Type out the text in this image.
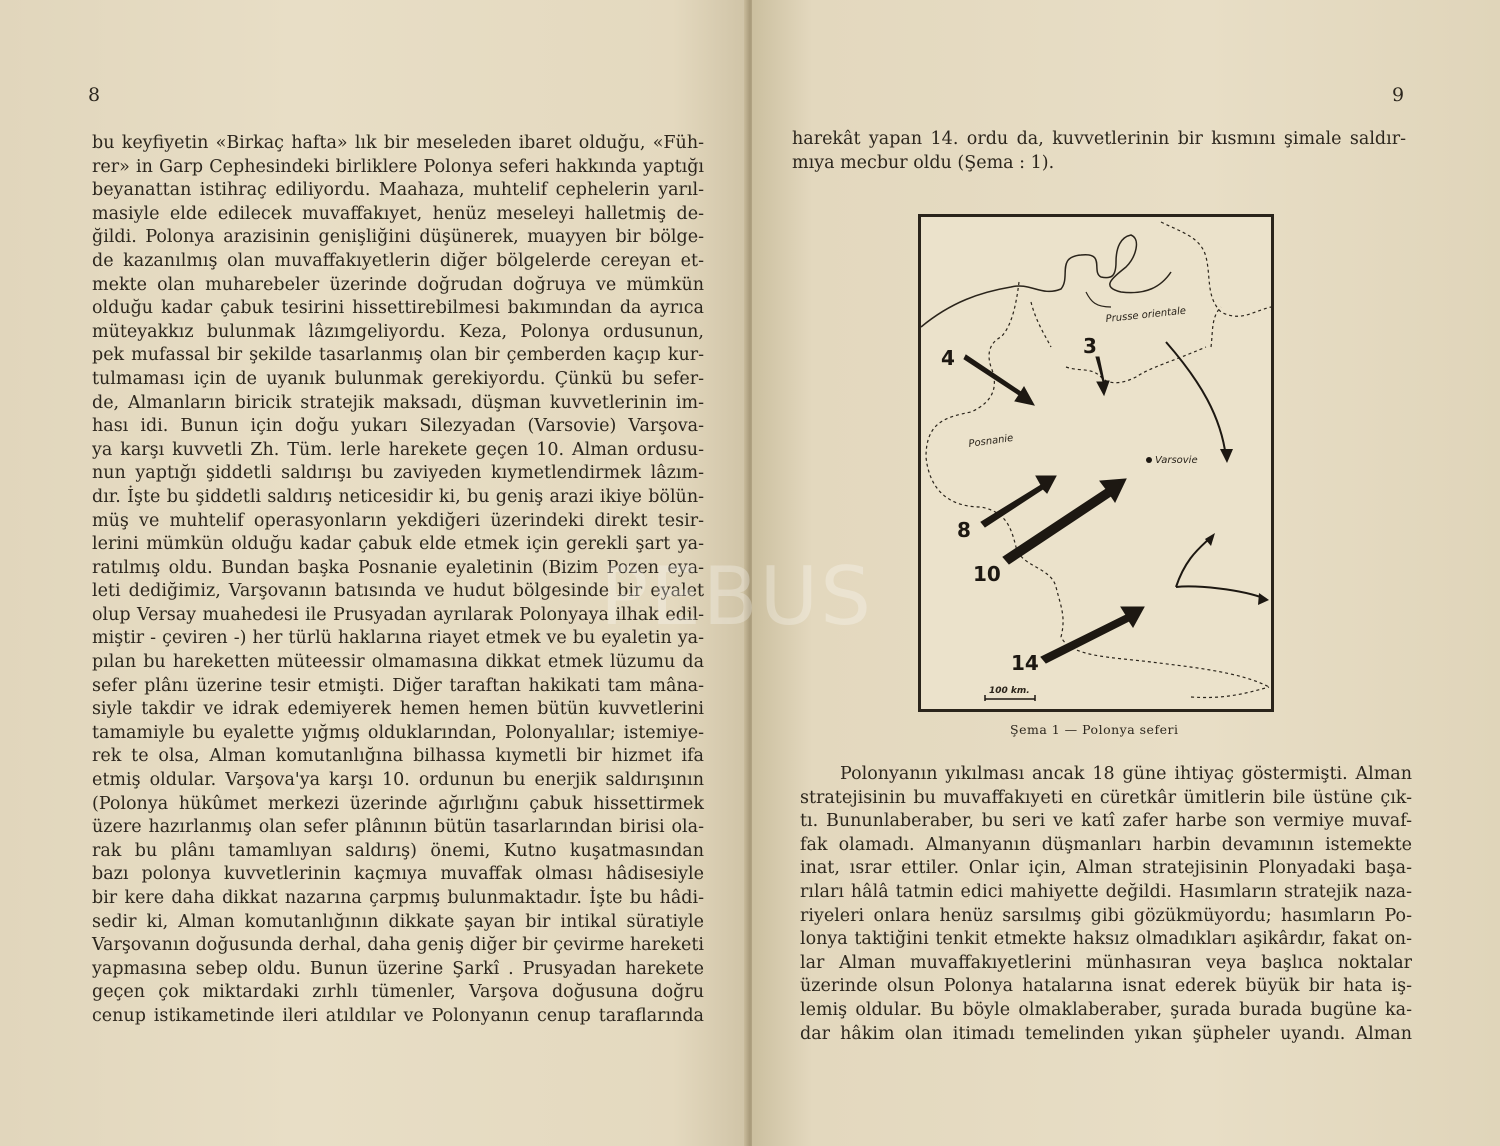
8
bu keyfiyetin «Birkaç hafta» lık bir meseleden ibaret olduğu, «Füh-
rer» in Garp Cephesindeki birliklere Polonya seferi hakkında yaptığı
beyanattan istihraç ediliyordu. Maahaza, muhtelif cephelerin yarıl-
masiyle elde edilecek muvaffakıyet, henüz meseleyi halletmiş de-
ğildi. Polonya arazisinin genişliğini düşünerek, muayyen bir bölge-
de kazanılmış olan muvaffakıyetlerin diğer bölgelerde cereyan et-
mekte olan muharebeler üzerinde doğrudan doğruya ve mümkün
olduğu kadar çabuk tesirini hissettirebilmesi bakımından da ayrıca
müteyakkız bulunmak lâzımgeliyordu. Keza, Polonya ordusunun,
pek mufassal bir şekilde tasarlanmış olan bir çemberden kaçıp kur-
tulmaması için de uyanık bulunmak gerekiyordu. Çünkü bu sefer-
de, Almanların biricik stratejik maksadı, düşman kuvvetlerinin im-
hası idi. Bunun için doğu yukarı Silezyadan (Varsovie) Varşova-
ya karşı kuvvetli Zh. Tüm. lerle harekete geçen 10. Alman ordusu-
nun yaptığı şiddetli saldırışı bu zaviyeden kıymetlendirmek lâzım-
dır. İşte bu şiddetli saldırış neticesidir ki, bu geniş arazi ikiye bölün-
müş ve muhtelif operasyonların yekdiğeri üzerindeki direkt tesir-
lerini mümkün olduğu kadar çabuk elde etmek için gerekli şart ya-
ratılmış oldu. Bundan başka Posnanie eyaletinin (Bizim Pozen eya-
leti dediğimiz, Varşovanın batısında ve hudut bölgesinde bir eyalet
olup Versay muahedesi ile Prusyadan ayrılarak Polonyaya ilhak edil-
miştir - çeviren -) her türlü haklarına riayet etmek ve bu eyaletin ya-
pılan bu hareketten müteessir olmamasına dikkat etmek lüzumu da
sefer plânı üzerine tesir etmişti. Diğer taraftan hakikati tam mâna-
siyle takdir ve idrak edemiyerek hemen hemen bütün kuvvetlerini
tamamiyle bu eyalette yığmış olduklarından, Polonyalılar; istemiye-
rek te olsa, Alman komutanlığına bilhassa kıymetli bir hizmet ifa
etmiş oldular. Varşova'ya karşı 10. ordunun bu enerjik saldırışının
(Polonya hükûmet merkezi üzerinde ağırlığını çabuk hissettirmek
üzere hazırlanmış olan sefer plânının bütün tasarlarından birisi ola-
rak bu plânı tamamlıyan saldırış) önemi, Kutno kuşatmasından
bazı polonya kuvvetlerinin kaçmıya muvaffak olması hâdisesiyle
bir kere daha dikkat nazarına çarpmış bulunmaktadır. İşte bu hâdi-
sedir ki, Alman komutanlığının dikkate şayan bir intikal süratiyle
Varşovanın doğusunda derhal, daha geniş diğer bir çevirme hareketi
yapmasına sebep oldu. Bunun üzerine Şarkî . Prusyadan harekete
geçen çok miktardaki zırhlı tümenler, Varşova doğusuna doğru
cenup istikametinde ileri atıldılar ve Polonyanın cenup taraflarında
9
harekât yapan 14. ordu da, kuvvetlerinin bir kısmını şimale saldır-
mıya mecbur oldu (Şema : 1).
4	3
8
10
14
Prusse orientale
Posnanie
Varsovie
100 km.
Şema 1 — Polonya seferi
Polonyanın yıkılması ancak 18 güne ihtiyaç göstermişti. Alman
stratejisinin bu muvaffakıyeti en cüretkâr ümitlerin bile üstüne çık-
tı. Bununlaberaber, bu seri ve katî zafer harbe son vermiye muvaf-
fak olamadı. Almanyanın düşmanları harbin devamının istemekte
inat, ısrar ettiler. Onlar için, Alman stratejisinin Plonyadaki başa-
rıları hâlâ tatmin edici mahiyette değildi. Hasımların stratejik naza-
riyeleri onlara henüz sarsılmış gibi gözükmüyordu; hasımların Po-
lonya taktiğini tenkit etmekte haksız olmadıkları aşikârdır, fakat on-
lar Alman muvaffakıyetlerini münhasıran veya başlıca noktalar
üzerinde olsun Polonya hatalarına isnat ederek büyük bir hata iş-
lemiş oldular. Bu böyle olmaklaberaber, şurada burada bugüne ka-
dar hâkim olan itimadı temelinden yıkan şüpheler uyandı. Alman
PEBUS
